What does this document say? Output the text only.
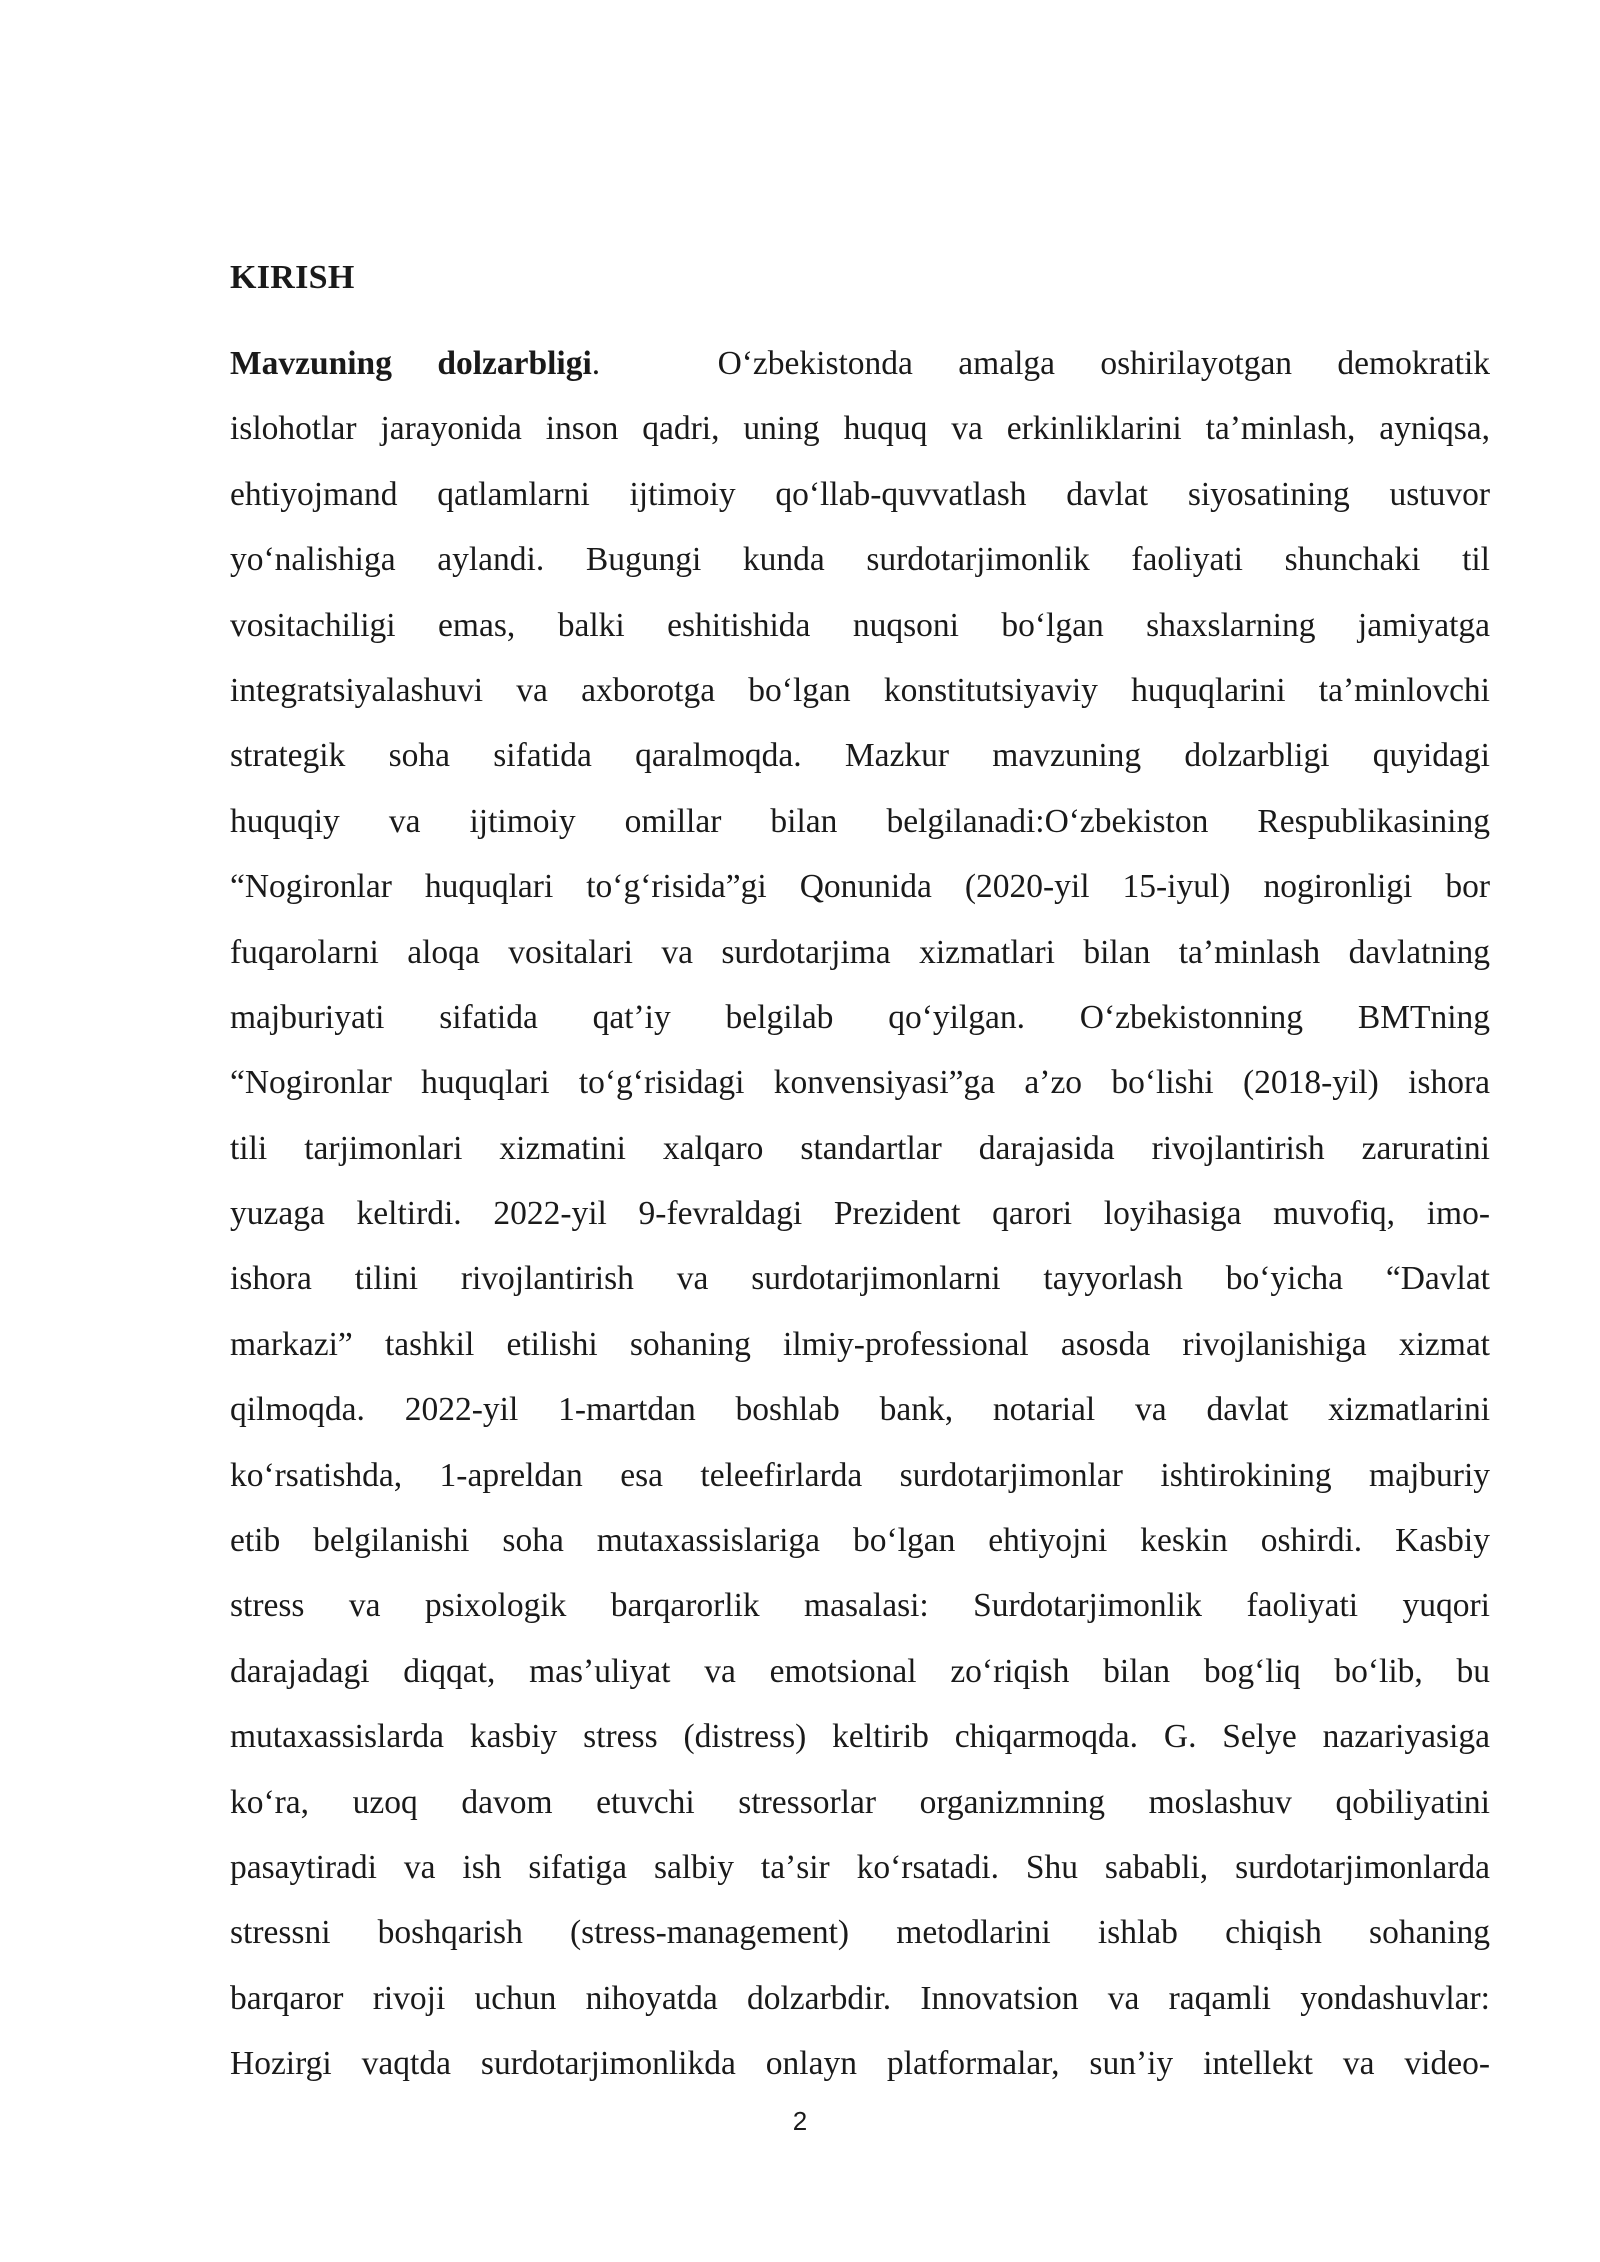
KIRISH
Mavzuning dolzarbligi.	Oʻzbekistonda amalga oshirilayotgan demokratik
islohotlar jarayonida inson qadri, uning huquq va erkinliklarini taʼminlash, ayniqsa,
ehtiyojmand qatlamlarni ijtimoiy qoʻllab-quvvatlash davlat siyosatining ustuvor
yoʻnalishiga aylandi. Bugungi kunda surdotarjimonlik faoliyati shunchaki til
vositachiligi emas, balki eshitishida nuqsoni boʻlgan shaxslarning jamiyatga
integratsiyalashuvi va axborotga boʻlgan konstitutsiyaviy huquqlarini taʼminlovchi
strategik soha sifatida qaralmoqda. Mazkur mavzuning dolzarbligi quyidagi
huquqiy va ijtimoiy omillar bilan belgilanadi:Oʻzbekiston Respublikasining
“Nogironlar huquqlari toʻgʻrisida”gi Qonunida (2020-yil 15-iyul) nogironligi bor
fuqarolarni aloqa vositalari va surdotarjima xizmatlari bilan taʼminlash davlatning
majburiyati sifatida qatʼiy belgilab qoʻyilgan. Oʻzbekistonning BMTning
“Nogironlar huquqlari toʻgʻrisidagi konvensiyasi”ga aʼzo boʻlishi (2018-yil) ishora
tili tarjimonlari xizmatini xalqaro standartlar darajasida rivojlantirish zaruratini
yuzaga keltirdi. 2022-yil 9-fevraldagi Prezident qarori loyihasiga muvofiq, imo-
ishora tilini rivojlantirish va surdotarjimonlarni tayyorlash boʻyicha “Davlat
markazi” tashkil etilishi sohaning ilmiy-professional asosda rivojlanishiga xizmat
qilmoqda. 2022-yil 1-martdan boshlab bank, notarial va davlat xizmatlarini
koʻrsatishda, 1-apreldan esa teleefirlarda surdotarjimonlar ishtirokining majburiy
etib belgilanishi soha mutaxassislariga boʻlgan ehtiyojni keskin oshirdi. Kasbiy
stress va psixologik barqarorlik masalasi: Surdotarjimonlik faoliyati yuqori
darajadagi diqqat, masʼuliyat va emotsional zoʻriqish bilan bogʻliq boʻlib, bu
mutaxassislarda kasbiy stress (distress) keltirib chiqarmoqda. G. Selye nazariyasiga
koʻra, uzoq davom etuvchi stressorlar organizmning moslashuv qobiliyatini
pasaytiradi va ish sifatiga salbiy taʼsir koʻrsatadi. Shu sababli, surdotarjimonlarda
stressni boshqarish (stress-management) metodlarini ishlab chiqish sohaning
barqaror rivoji uchun nihoyatda dolzarbdir. Innovatsion va raqamli yondashuvlar:
Hozirgi vaqtda surdotarjimonlikda onlayn platformalar, sunʼiy intellekt va video-
2
